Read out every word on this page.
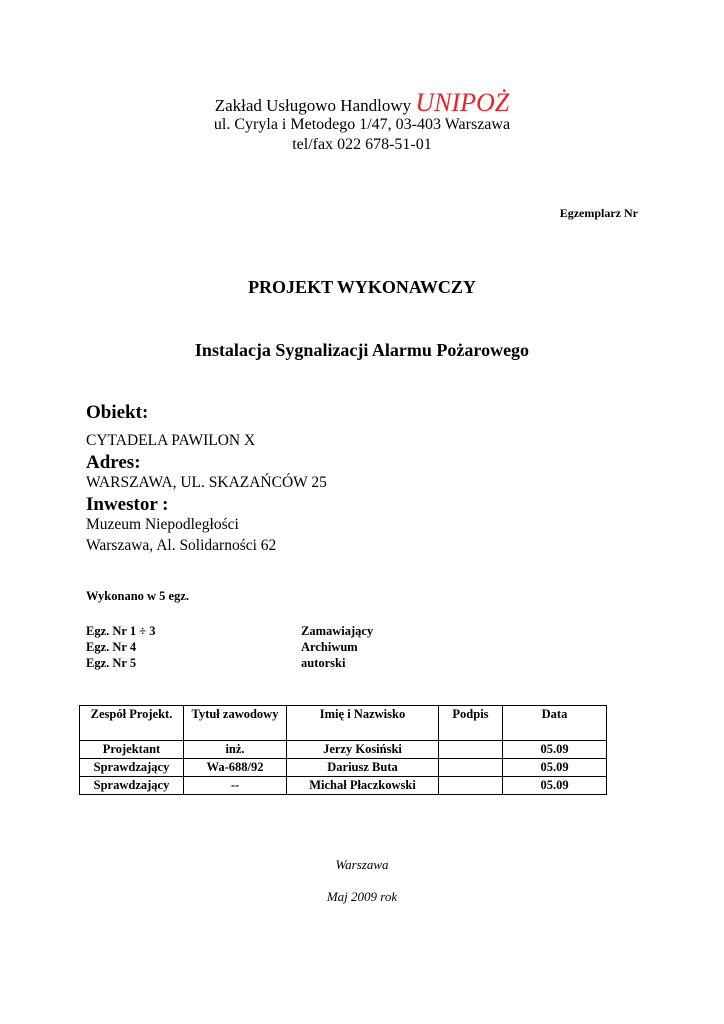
Zakład Usługowo Handlowy UNIPOŻ
ul. Cyryla i Metodego 1/47, 03-403 Warszawa
tel/fax 022 678-51-01
Egzemplarz Nr
PROJEKT WYKONAWCZY
Instalacja Sygnalizacji Alarmu Pożarowego
Obiekt:
CYTADELA PAWILON X
Adres:
WARSZAWA, UL. SKAZAŃCÓW 25
Inwestor :
Muzeum Niepodległości
Warszawa, Al. Solidarności 62
Wykonano w 5 egz.
Egz. Nr 1 ÷ 3	Zamawiający
Egz. Nr 4	Archiwum
Egz. Nr 5	autorski
Zespół Projekt.	Tytuł zawodowy	Imię i Nazwisko	Podpis	Data
Projektant	inż.	Jerzy Kosiński		05.09
Sprawdzający	Wa-688/92	Dariusz Buta		05.09
Sprawdzający	--	Michał Płaczkowski		05.09
Warszawa
Maj 2009 rok
